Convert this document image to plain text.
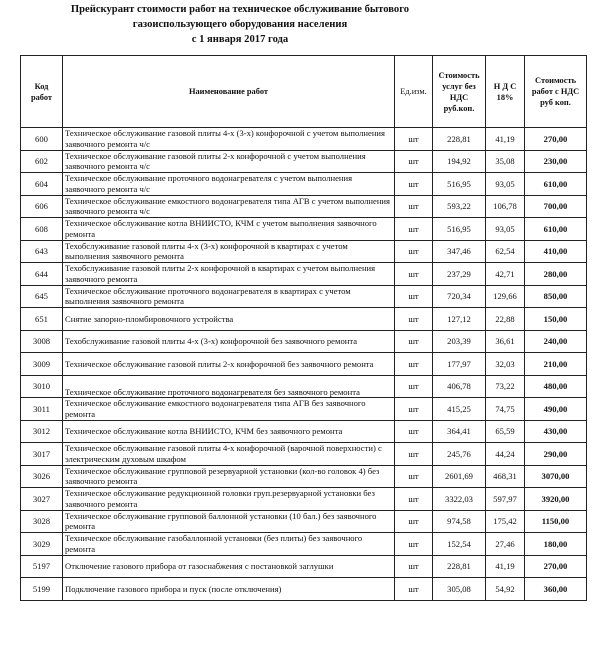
Прейскурант стоимости работ на техническое обслуживание бытового
газоиспользующего оборудования населения
с 1 января 2017 года
Код работ	Наименование работ	Ед.изм.	Стоимость услуг без НДС руб.коп.	Н Д С 18%	Стоимость работ с НДС руб коп.
600	Техническое обслуживание газовой плиты 4-х (3-х) конфорочной с учетом выполнения заявочного ремонта ч/с	шт	228,81	41,19	270,00
602	Техническое обслуживание газовой плиты 2-х конфорочной с учетом выполнения заявочного ремонта ч/с	шт	194,92	35,08	230,00
604	Техническое обслуживание проточного водонагревателя с учетом выполнения заявочного ремонта ч/с	шт	516,95	93,05	610,00
606	Техническое обслуживание емкостного водонагревателя типа АГВ с учетом выполнения заявочного ремонта ч/с	шт	593,22	106,78	700,00
608	Техническое обслуживание котла ВНИИСТО, КЧМ с учетом выполнения заявочного ремонта	шт	516,95	93,05	610,00
643	Техобслуживание газовой плиты 4-х (3-х) конфорочной в квартирах с учетом выполнения заявочного ремонта	шт	347,46	62,54	410,00
644	Техобслуживание газовой плиты 2-х конфорочной в квартирах с учетом выполнения заявочного ремонта	шт	237,29	42,71	280,00
645	Техническое обслуживание проточного водонагревателя в квартирах с учетом выполнения заявочного ремонта	шт	720,34	129,66	850,00
651	Снятие запорно-пломбировочного устройства	шт	127,12	22,88	150,00
3008	Техобслуживание газовой плиты 4-х (3-х) конфорочной без заявочного ремонта	шт	203,39	36,61	240,00
3009	Техническое обслуживание газовой плиты 2-х конфорочной без заявочного ремонта	шт	177,97	32,03	210,00
3010	Техническое обслуживание проточного водонагревателя без заявочного ремонта	шт	406,78	73,22	480,00
3011	Техническое обслуживание емкостного водонагревателя типа АГВ без заявочного ремонта	шт	415,25	74,75	490,00
3012	Техническое обслуживание котла ВНИИСТО, КЧМ без заявочного ремонта	шт	364,41	65,59	430,00
3017	Техническое обслуживание газовой плиты 4-х конфорочной (варочной поверхности) с электрическим духовым шкафом	шт	245,76	44,24	290,00
3026	Техническое обслуживание групповой резервуарной установки (кол-во головок 4) без заявочного ремонта	шт	2601,69	468,31	3070,00
3027	Техническое обслуживание редукционной головки груп.резервуарной установки без заявочного ремонта	шт	3322,03	597,97	3920,00
3028	Техническое обслуживание групповой баллонной установки (10 бал.) без заявочного ремонта	шт	974,58	175,42	1150,00
3029	Техническое обслуживание газобаллонной установки (без плиты) без заявочного ремонта	шт	152,54	27,46	180,00
5197	Отключение газового прибора от газоснабжения с постановкой заглушки	шт	228,81	41,19	270,00
5199	Подключение газового прибора и пуск (после отключения)	шт	305,08	54,92	360,00
